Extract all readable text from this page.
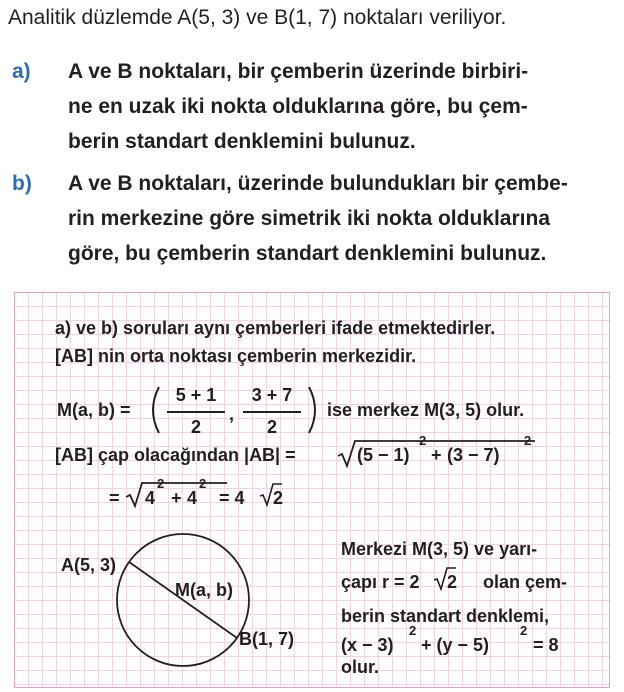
Analitik düzlemde A(5, 3) ve B(1, 7) noktaları veriliyor.
a) A ve B noktaları, bir çemberin üzerinde birbiri-
ne en uzak iki nokta olduklarına göre, bu çem-
berin standart denklemini bulunuz.
b) A ve B noktaları, üzerinde bulundukları bir çembe-
rin merkezine göre simetrik iki nokta olduklarına
göre, bu çemberin standart denklemini bulunuz.
a) ve b) soruları aynı çemberleri ifade etmektedirler.
[AB] nin orta noktası çemberin merkezidir.
M(a, b) =
5 + 1
2
,
3 + 7
2
ise merkez M(3, 5) olur.
[AB] çap olacağından |AB| =	(5 − 1)
2
+ (3 − 7)
2
= 4
2
+ 4
2
= 4 2
A(5, 3)
M(a, b)
B(1, 7)
Merkezi M(3, 5) ve yarı-
çapı r = 2 2 olan çem-
berin standart denklemi,
(x − 3)
2
+ (y − 5)
2
= 8
olur.
